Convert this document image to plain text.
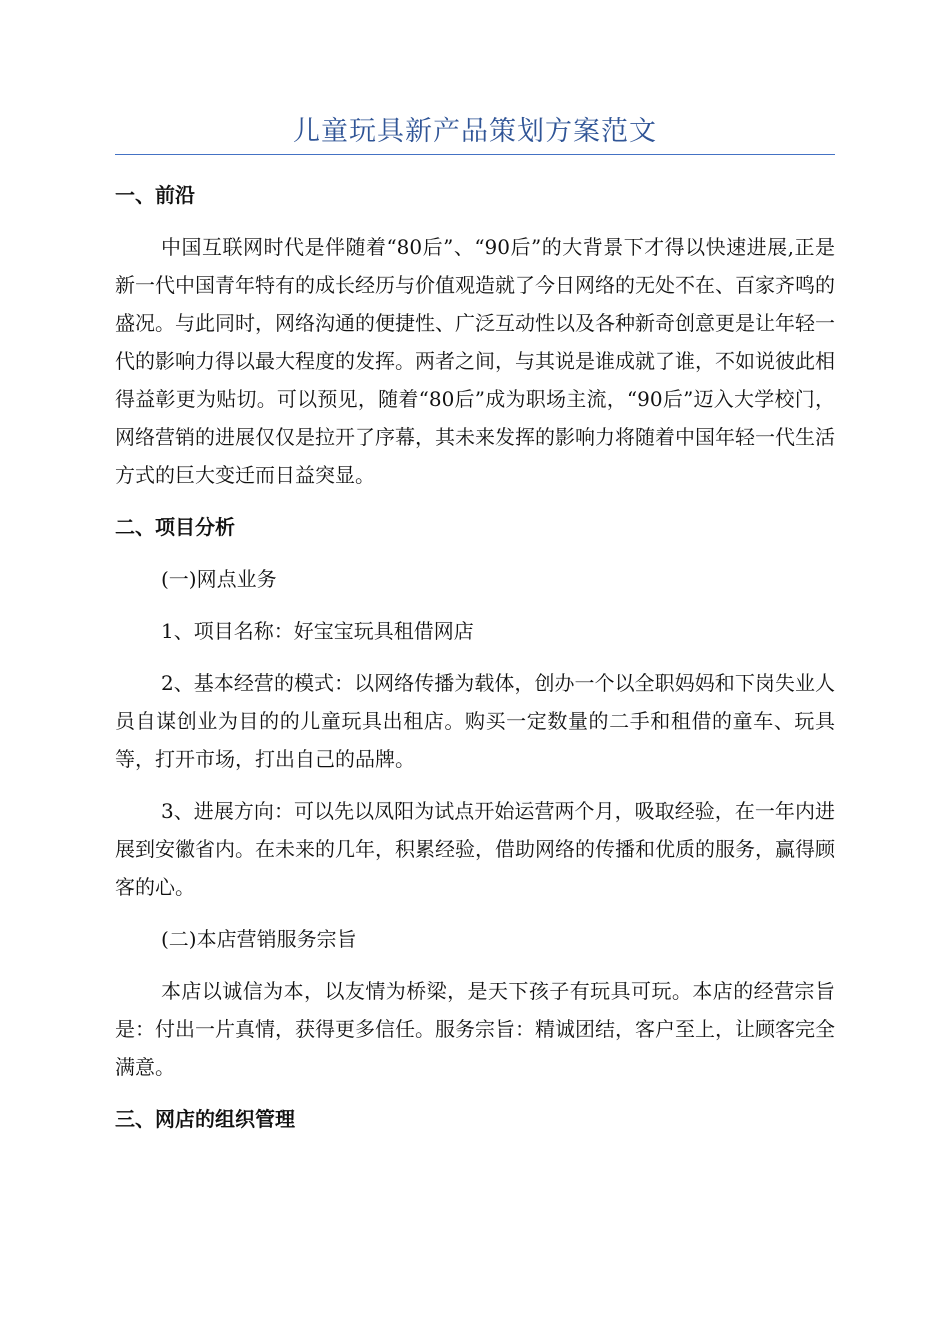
儿童玩具新产品策划方案范文
一、前沿

中国互联网时代是伴随着“80后”、“90后”的大背景下才得以快速进展,正是新一代中国青年特有的成长经历与价值观造就了今日网络的无处不在、百家齐鸣的盛况。与此同时，网络沟通的便捷性、广泛互动性以及各种新奇创意更是让年轻一代的影响力得以最大程度的发挥。两者之间，与其说是谁成就了谁，不如说彼此相得益彰更为贴切。可以预见，随着“80后”成为职场主流，“90后”迈入大学校门，网络营销的进展仅仅是拉开了序幕，其未来发挥的影响力将随着中国年轻一代生活方式的巨大变迁而日益突显。

二、项目分析

(一)网点业务

1、项目名称：好宝宝玩具租借网店

2、基本经营的模式：以网络传播为载体，创办一个以全职妈妈和下岗失业人员自谋创业为目的的儿童玩具出租店。购买一定数量的二手和租借的童车、玩具等，打开市场，打出自己的品牌。

3、进展方向：可以先以凤阳为试点开始运营两个月，吸取经验，在一年内进展到安徽省内。在未来的几年，积累经验，借助网络的传播和优质的服务，赢得顾客的心。

(二)本店营销服务宗旨

本店以诚信为本，以友情为桥梁，是天下孩子有玩具可玩。本店的经营宗旨是：付出一片真情，获得更多信任。服务宗旨：精诚团结，客户至上，让顾客完全满意。

三、网店的组织管理
